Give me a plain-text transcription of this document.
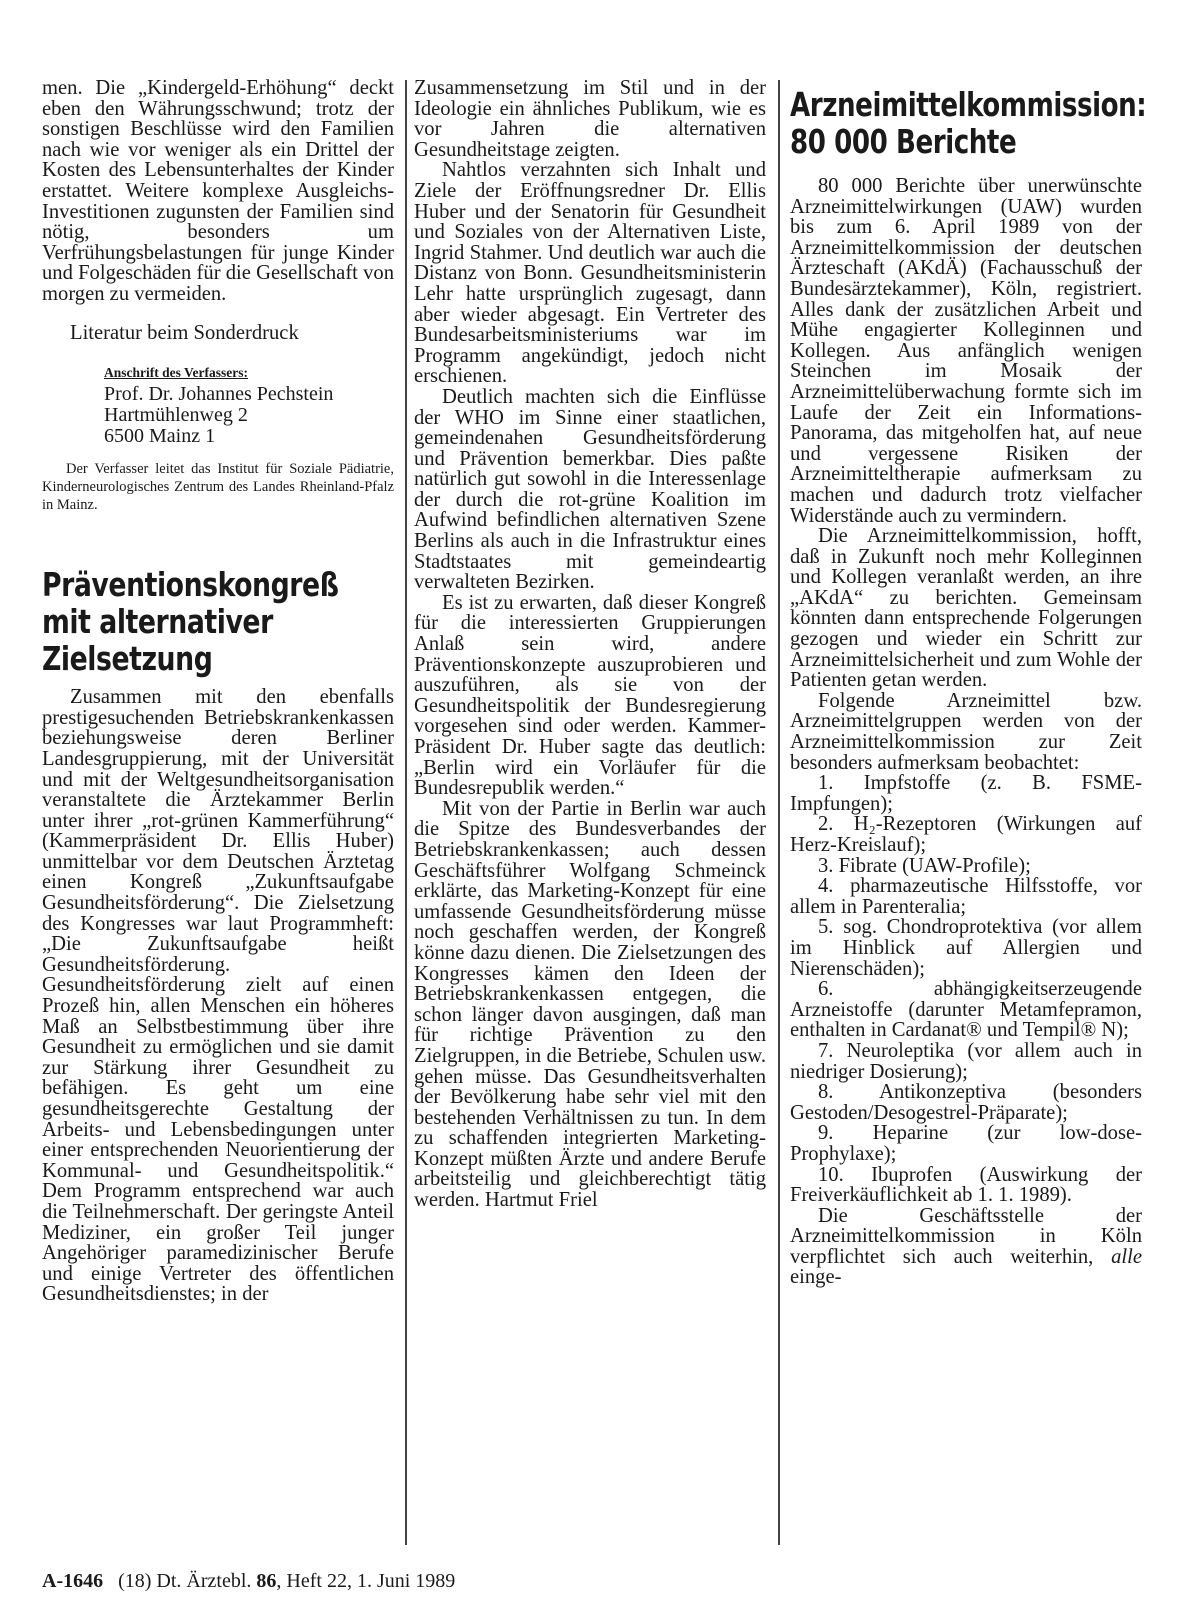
men. Die „Kindergeld-Erhöhung“ deckt eben den Währungsschwund; trotz der sonstigen Beschlüsse wird den Familien nach wie vor weniger als ein Drittel der Kosten des Lebensunterhaltes der Kinder erstattet. Weitere komplexe Ausgleichs-Investitionen zugunsten der Familien sind nötig, besonders um Verfrühungsbelastungen für junge Kinder und Folgeschäden für die Gesellschaft von morgen zu vermeiden.

Literatur beim Sonderdruck

Anschrift des Verfassers:
Prof. Dr. Johannes Pechstein
Hartmühlenweg 2
6500 Mainz 1

Der Verfasser leitet das Institut für Soziale Pädiatrie, Kinderneurologisches Zentrum des Landes Rheinland-Pfalz in Mainz.

Präventionskongreß mit alternativer Zielsetzung

Zusammen mit den ebenfalls prestigesuchenden Betriebskrankenkassen beziehungsweise deren Berliner Landesgruppierung, mit der Universität und mit der Weltgesundheitsorganisation veranstaltete die Ärztekammer Berlin unter ihrer „rot-grünen Kammerführung“ (Kammerpräsident Dr. Ellis Huber) unmittelbar vor dem Deutschen Ärztetag einen Kongreß „Zukunftsaufgabe Gesundheitsförderung“. Die Zielsetzung des Kongresses war laut Programmheft: „Die Zukunftsaufgabe heißt Gesundheitsförderung. Gesundheitsförderung zielt auf einen Prozeß hin, allen Menschen ein höheres Maß an Selbstbestimmung über ihre Gesundheit zu ermöglichen und sie damit zur Stärkung ihrer Gesundheit zu befähigen. Es geht um eine gesundheitsgerechte Gestaltung der Arbeits- und Lebensbedingungen unter einer entsprechenden Neuorientierung der Kommunal- und Gesundheitspolitik.“ Dem Programm entsprechend war auch die Teilnehmerschaft. Der geringste Anteil Mediziner, ein großer Teil junger Angehöriger paramedizinischer Berufe und einige Vertreter des öffentlichen Gesundheitsdienstes; in der

Zusammensetzung im Stil und in der Ideologie ein ähnliches Publikum, wie es vor Jahren die alternativen Gesundheitstage zeigten.

Nahtlos verzahnten sich Inhalt und Ziele der Eröffnungsredner Dr. Ellis Huber und der Senatorin für Gesundheit und Soziales von der Alternativen Liste, Ingrid Stahmer. Und deutlich war auch die Distanz von Bonn. Gesundheitsministerin Lehr hatte ursprünglich zugesagt, dann aber wieder abgesagt. Ein Vertreter des Bundesarbeitsministeriums war im Programm angekündigt, jedoch nicht erschienen.

Deutlich machten sich die Einflüsse der WHO im Sinne einer staatlichen, gemeindenahen Gesundheitsförderung und Prävention bemerkbar. Dies paßte natürlich gut sowohl in die Interessenlage der durch die rot-grüne Koalition im Aufwind befindlichen alternativen Szene Berlins als auch in die Infrastruktur eines Stadtstaates mit gemeindeartig verwalteten Bezirken.

Es ist zu erwarten, daß dieser Kongreß für die interessierten Gruppierungen Anlaß sein wird, andere Präventionskonzepte auszuprobieren und auszuführen, als sie von der Gesundheitspolitik der Bundesregierung vorgesehen sind oder werden. Kammer-Präsident Dr. Huber sagte das deutlich: „Berlin wird ein Vorläufer für die Bundesrepublik werden.“

Mit von der Partie in Berlin war auch die Spitze des Bundesverbandes der Betriebskrankenkassen; auch dessen Geschäftsführer Wolfgang Schmeinck erklärte, das Marketing-Konzept für eine umfassende Gesundheitsförderung müsse noch geschaffen werden, der Kongreß könne dazu dienen. Die Zielsetzungen des Kongresses kämen den Ideen der Betriebskrankenkassen entgegen, die schon länger davon ausgingen, daß man für richtige Prävention zu den Zielgruppen, in die Betriebe, Schulen usw. gehen müsse. Das Gesundheitsverhalten der Bevölkerung habe sehr viel mit den bestehenden Verhältnissen zu tun. In dem zu schaffenden integrierten Marketing-Konzept müßten Ärzte und andere Berufe arbeitsteilig und gleichberechtigt tätig werden. Hartmut Friel

Arzneimittelkommission: 80 000 Berichte

80 000 Berichte über unerwünschte Arzneimittelwirkungen (UAW) wurden bis zum 6. April 1989 von der Arzneimittelkommission der deutschen Ärzteschaft (AKdÄ) (Fachausschuß der Bundesärztekammer), Köln, registriert. Alles dank der zusätzlichen Arbeit und Mühe engagierter Kolleginnen und Kollegen. Aus anfänglich wenigen Steinchen im Mosaik der Arzneimittelüberwachung formte sich im Laufe der Zeit ein Informations-Panorama, das mitgeholfen hat, auf neue und vergessene Risiken der Arzneimitteltherapie aufmerksam zu machen und dadurch trotz vielfacher Widerstände auch zu vermindern.

Die Arzneimittelkommission, hofft, daß in Zukunft noch mehr Kolleginnen und Kollegen veranlaßt werden, an ihre „AKdA“ zu berichten. Gemeinsam könnten dann entsprechende Folgerungen gezogen und wieder ein Schritt zur Arzneimittelsicherheit und zum Wohle der Patienten getan werden.

Folgende Arzneimittel bzw. Arzneimittelgruppen werden von der Arzneimittelkommission zur Zeit besonders aufmerksam beobachtet:

1. Impfstoffe (z. B. FSME-Impfungen);

2. H₂-Rezeptoren (Wirkungen auf Herz-Kreislauf);

3. Fibrate (UAW-Profile);

4. pharmazeutische Hilfsstoffe, vor allem in Parenteralia;

5. sog. Chondroprotektiva (vor allem im Hinblick auf Allergien und Nierenschäden);

6. abhängigkeitserzeugende Arzneistoffe (darunter Metamfepramon, enthalten in Cardanat® und Tempil® N);

7. Neuroleptika (vor allem auch in niedriger Dosierung);

8. Antikonzeptiva (besonders Gestoden/Desogestrel-Präparate);

9. Heparine (zur low-dose-Prophylaxe);

10. Ibuprofen (Auswirkung der Freiverkäuflichkeit ab 1. 1. 1989).

Die Geschäftsstelle der Arzneimittelkommission in Köln verpflichtet sich auch weiterhin, alle einge-

A-1646 (18) Dt. Ärztebl. 86, Heft 22, 1. Juni 1989
